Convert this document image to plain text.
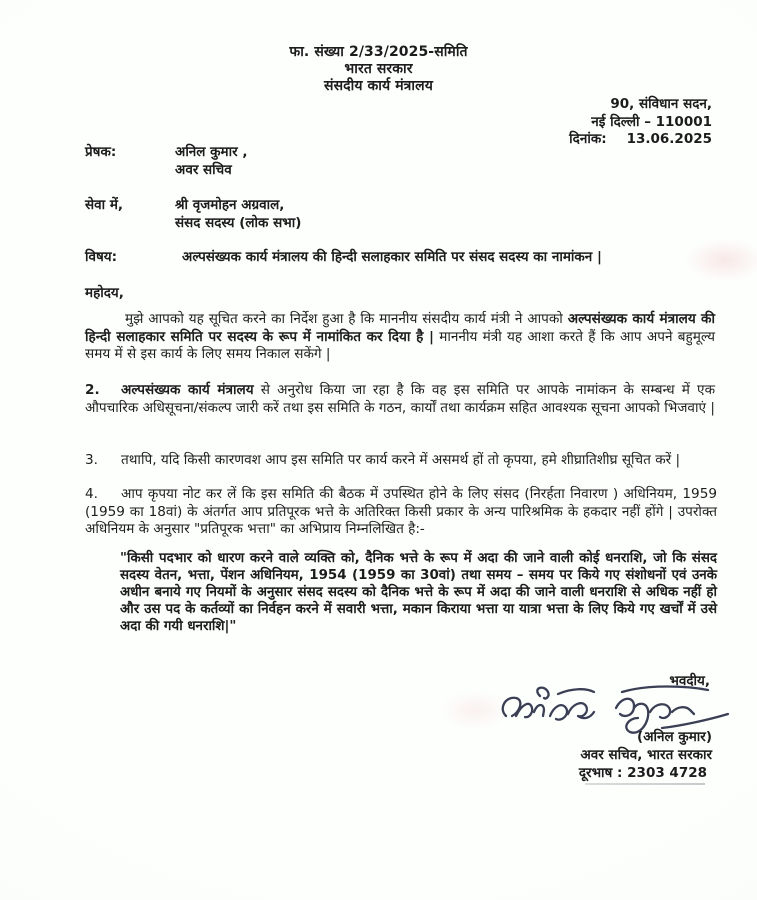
फा. संख्या 2/33/2025-समिति
भारत सरकार
संसदीय कार्य मंत्रालय
90, संविधान सदन,
नई दिल्ली – 110001
दिनांक: 13.06.2025
प्रेषक:	अनिल कुमार ,
अवर सचिव
सेवा में,	श्री वृजमोहन अग्रवाल,
संसद सदस्य (लोक सभा)
विषय:	अल्पसंख्यक कार्य मंत्रालय की हिन्दी सलाहकार समिति पर संसद सदस्य का नामांकन |
महोदय,
मुझे आपको यह सूचित करने का निर्देश हुआ है कि माननीय संसदीय कार्य मंत्री ने आपको अल्पसंख्यक कार्य मंत्रालय की हिन्दी सलाहकार समिति पर सदस्य के रूप में नामांकित कर दिया है | माननीय मंत्री यह आशा करते हैं कि आप अपने बहुमूल्य समय में से इस कार्य के लिए समय निकाल सकेंगे |
2. अल्पसंख्यक कार्य मंत्रालय से अनुरोध किया जा रहा है कि वह इस समिति पर आपके नामांकन के सम्बन्ध में एक औपचारिक अधिसूचना/संकल्प जारी करें तथा इस समिति के गठन, कार्यों तथा कार्यक्रम सहित आवश्यक सूचना आपको भिजवाएं |
3. तथापि, यदि किसी कारणवश आप इस समिति पर कार्य करने में असमर्थ हों तो कृपया, हमे शीघ्रातिशीघ्र सूचित करें |
4. आप कृपया नोट कर लें कि इस समिति की बैठक में उपस्थित होने के लिए संसद (निरर्हता निवारण ) अधिनियम, 1959 (1959 का 18वां) के अंतर्गत आप प्रतिपूरक भत्ते के अतिरिक्त किसी प्रकार के अन्य पारिश्रमिक के हकदार नहीं होंगे | उपरोक्त अधिनियम के अनुसार "प्रतिपूरक भत्ता" का अभिप्राय निम्नलिखित है:-
"किसी पदभार को धारण करने वाले व्यक्ति को, दैनिक भत्ते के रूप में अदा की जाने वाली कोई धनराशि, जो कि संसद सदस्य वेतन, भत्ता, पेंशन अधिनियम, 1954 (1959 का 30वां) तथा समय – समय पर किये गए संशोधनों एवं उनके अधीन बनाये गए नियमों के अनुसार संसद सदस्य को दैनिक भत्ते के रूप में अदा की जाने वाली धनराशि से अधिक नहीं हो और उस पद के कर्तव्यों का निर्वहन करने में सवारी भत्ता, मकान किराया भत्ता या यात्रा भत्ता के लिए किये गए खर्चों में उसे अदा की गयी धनराशि|"
भवदीय,
(अनिल कुमार)
अवर सचिव, भारत सरकार
दूरभाष : 2303 4728
